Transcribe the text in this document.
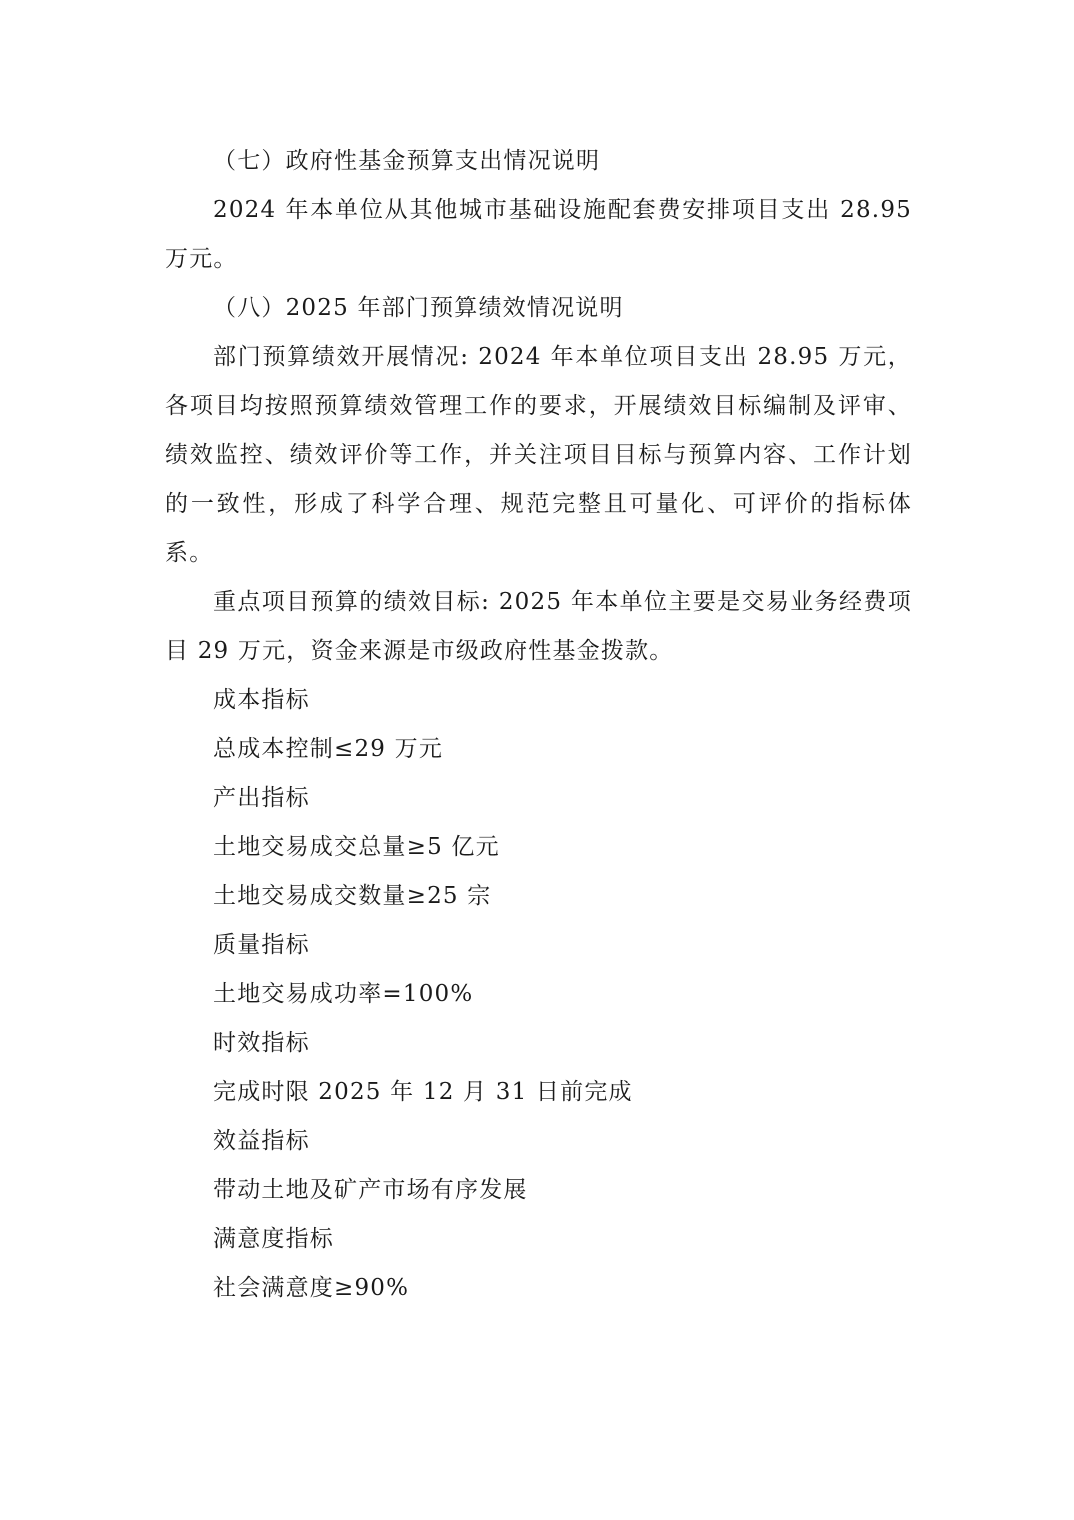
（七）政府性基金预算支出情况说明

2024 年本单位从其他城市基础设施配套费安排项目支出 28.95 万元。

（八）2025 年部门预算绩效情况说明

部门预算绩效开展情况: 2024 年本单位项目支出 28.95 万元，各项目均按照预算绩效管理工作的要求，开展绩效目标编制及评审、绩效监控、绩效评价等工作，并关注项目目标与预算内容、工作计划的一致性，形成了科学合理、规范完整且可量化、可评价的指标体系。

重点项目预算的绩效目标: 2025 年本单位主要是交易业务经费项目 29 万元，资金来源是市级政府性基金拨款。

成本指标

总成本控制≤29 万元

产出指标

土地交易成交总量≥5 亿元

土地交易成交数量≥25 宗

质量指标

土地交易成功率=100%

时效指标

完成时限 2025 年 12 月 31 日前完成

效益指标

带动土地及矿产市场有序发展

满意度指标

社会满意度≥90%
